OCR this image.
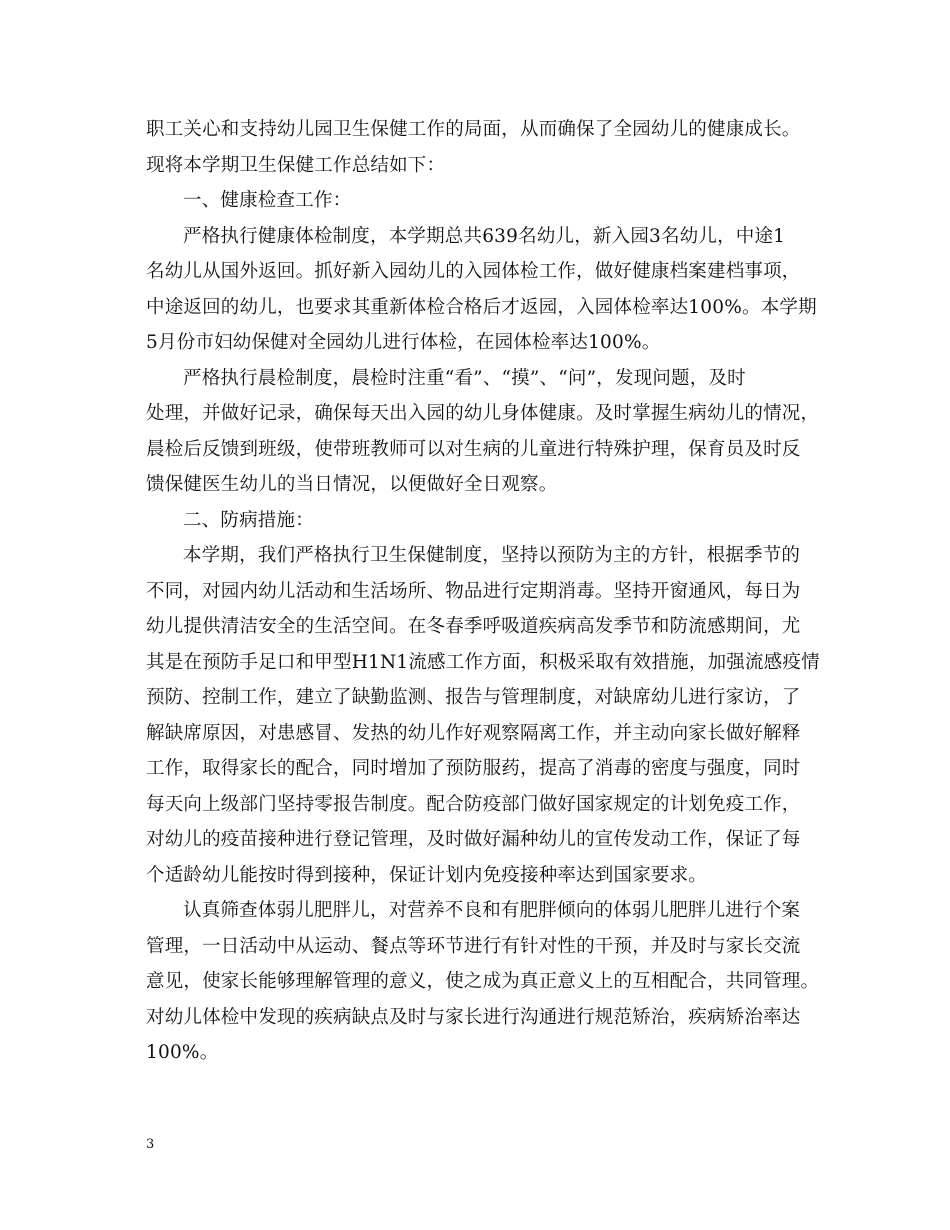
职工关心和支持幼儿园卫生保健工作的局面，从而确保了全园幼儿的健康成长。
现将本学期卫生保健工作总结如下：
一、健康检查工作：
严格执行健康体检制度，本学期总共639名幼儿，新入园3名幼儿，中途1
名幼儿从国外返回。抓好新入园幼儿的入园体检工作，做好健康档案建档事项，
中途返回的幼儿，也要求其重新体检合格后才返园，入园体检率达100%。本学期
5月份市妇幼保健对全园幼儿进行体检，在园体检率达100%。
严格执行晨检制度，晨检时注重“看”、“摸”、“问”，发现问题，及时
处理，并做好记录，确保每天出入园的幼儿身体健康。及时掌握生病幼儿的情况，
晨检后反馈到班级，使带班教师可以对生病的儿童进行特殊护理，保育员及时反
馈保健医生幼儿的当日情况，以便做好全日观察。
二、防病措施：
本学期，我们严格执行卫生保健制度，坚持以预防为主的方针，根据季节的
不同，对园内幼儿活动和生活场所、物品进行定期消毒。坚持开窗通风，每日为
幼儿提供清洁安全的生活空间。在冬春季呼吸道疾病高发季节和防流感期间，尤
其是在预防手足口和甲型H1N1流感工作方面，积极采取有效措施，加强流感疫情
预防、控制工作，建立了缺勤监测、报告与管理制度，对缺席幼儿进行家访，了
解缺席原因，对患感冒、发热的幼儿作好观察隔离工作，并主动向家长做好解释
工作，取得家长的配合，同时增加了预防服药，提高了消毒的密度与强度，同时
每天向上级部门坚持零报告制度。配合防疫部门做好国家规定的计划免疫工作，
对幼儿的疫苗接种进行登记管理，及时做好漏种幼儿的宣传发动工作，保证了每
个适龄幼儿能按时得到接种，保证计划内免疫接种率达到国家要求。
认真筛查体弱儿肥胖儿，对营养不良和有肥胖倾向的体弱儿肥胖儿进行个案
管理，一日活动中从运动、餐点等环节进行有针对性的干预，并及时与家长交流
意见，使家长能够理解管理的意义，使之成为真正意义上的互相配合，共同管理。
对幼儿体检中发现的疾病缺点及时与家长进行沟通进行规范矫治，疾病矫治率达
100%。
3
